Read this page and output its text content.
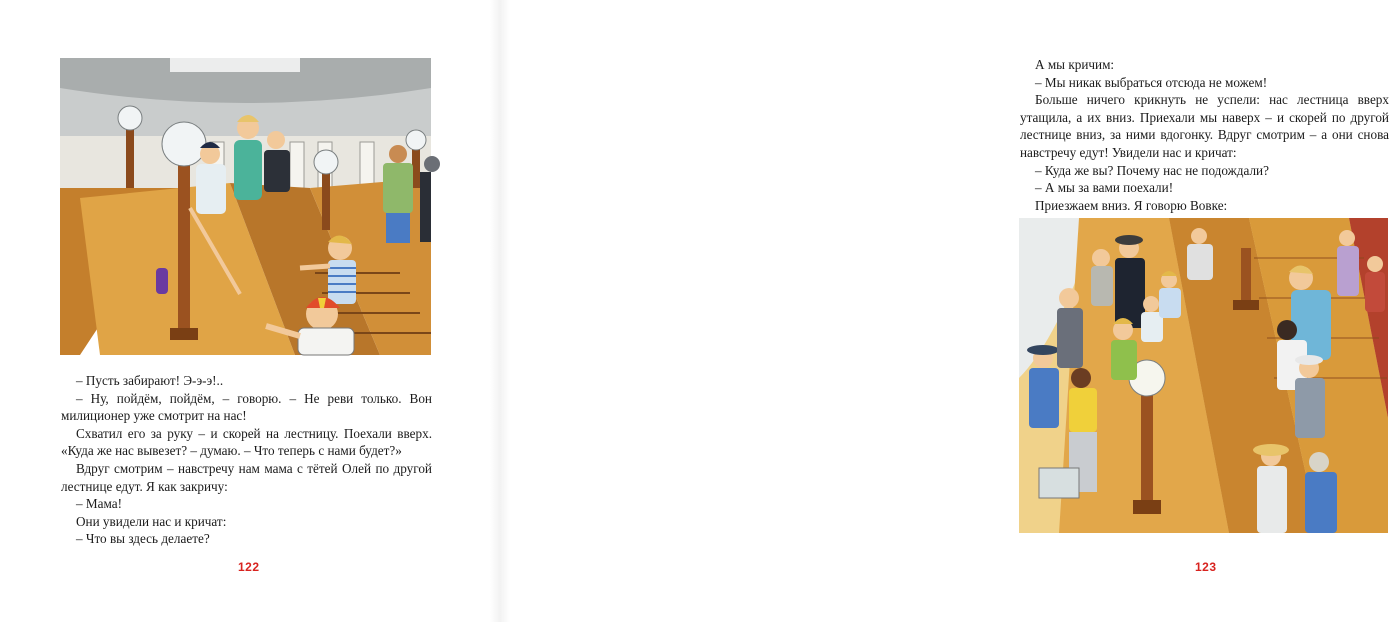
– Пусть забирают! Э-э-э!..

– Ну, пойдём, пойдём, – говорю. – Не реви только. Вон милиционер уже смотрит на нас!

Схватил его за руку – и скорей на лестницу. Поехали вверх. «Куда же нас вывезет? – думаю. – Что теперь с нами будет?»

Вдруг смотрим – навстречу нам мама с тётей Олей по другой лестнице едут. Я как закричу:

– Мама!

Они увидели нас и кричат:

– Что вы здесь делаете?

122

А мы кричим:

– Мы никак выбраться отсюда не можем!

Больше ничего крикнуть не успели: нас лестница вверх утащила, а их вниз. Приехали мы наверх – и скорей по другой лестнице вниз, за ними вдогонку. Вдруг смотрим – а они снова навстречу едут! Увидели нас и кричат:

– Куда же вы? Почему нас не подождали?

– А мы за вами поехали!

Приезжаем вниз. Я говорю Вовке:

123
